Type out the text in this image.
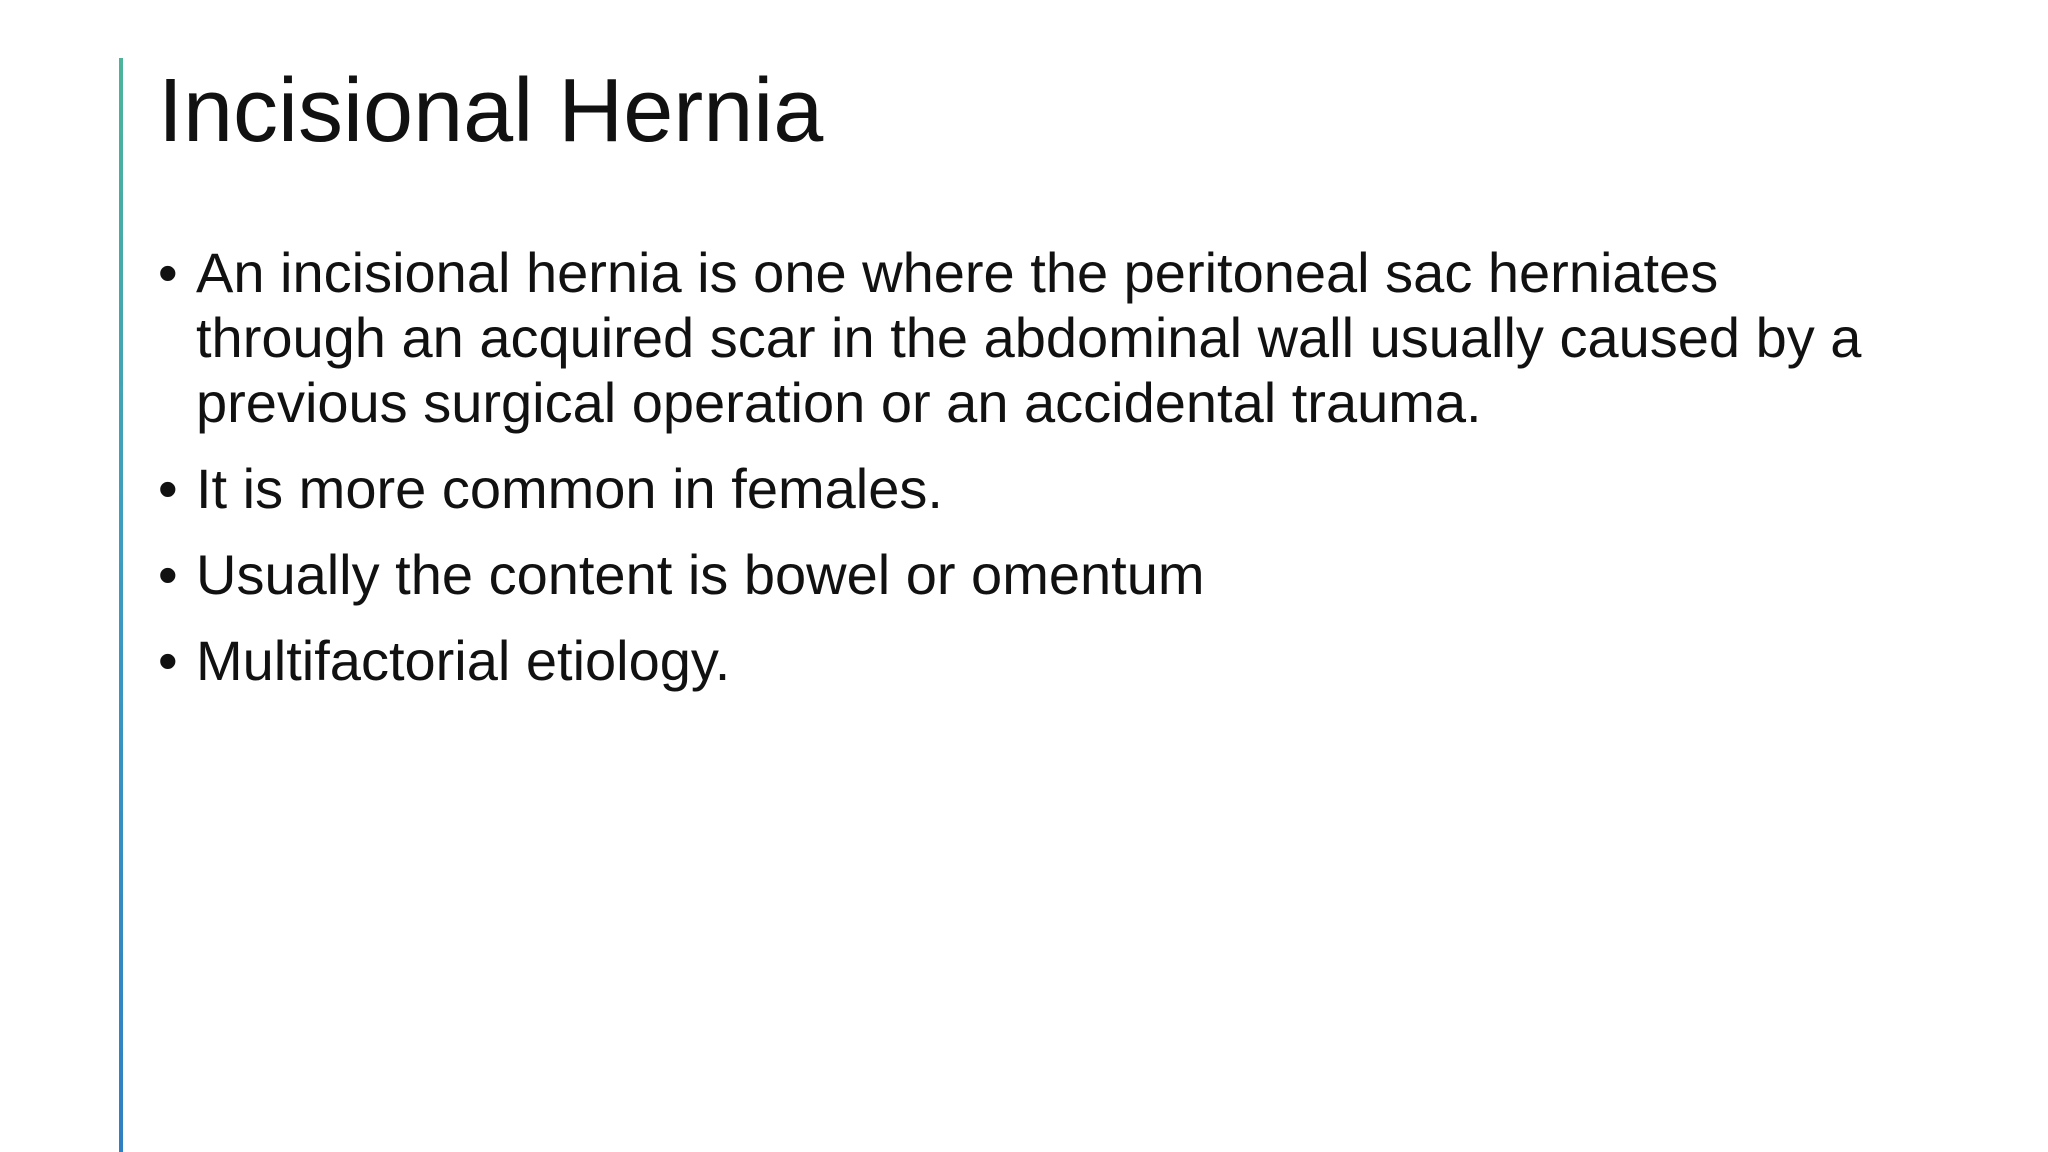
Incisional Hernia
• An incisional hernia is one where the peritoneal sac herniates through an acquired scar in the abdominal wall usually caused by a previous surgical operation or an accidental trauma.
• It is more common in females.
• Usually the content is bowel or omentum
• Multifactorial etiology.
